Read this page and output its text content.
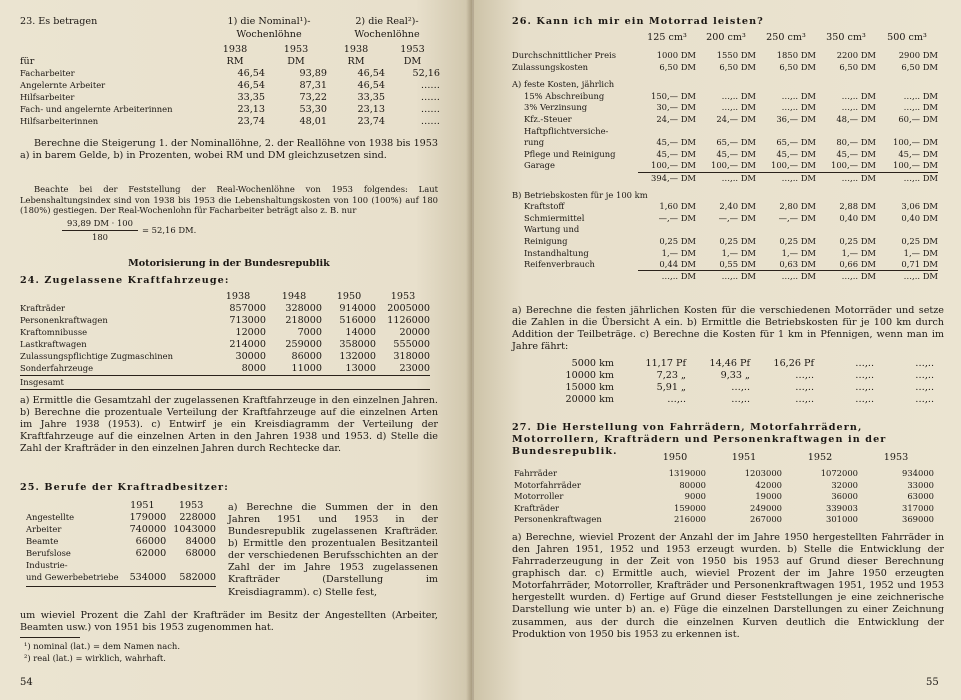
23. Es betragen	1) die Nominal¹)-
Wochenlöhne
2) die Real²)-
Wochenlöhne
	1938	1953	1938	1953
für	RM	DM	RM	DM
Facharbeiter	46,54	93,89	46,54	52,16
Angelernte Arbeiter	46,54	87,31	46,54	……
Hilfsarbeiter	33,35	73,22	33,35	……
Fach- und angelernte Arbeiterinnen	23,13	53,30	23,13	……
Hilfsarbeiterinnen	23,74	48,01	23,74	……
Berechne die Steigerung 1. der Nominallöhne, 2. der Reallöhne von 1938 bis 1953 a) in barem Gelde, b) in Prozenten, wobei RM und DM gleichzusetzen sind.
Beachte bei der Feststellung der Real-Wochenlöhne von 1953 folgendes: Laut Lebenshaltungsindex sind von 1938 bis 1953 die Lebenshaltungskosten von 100 (100%) auf 180 (180%) gestiegen. Der Real-Wochenlohn für Facharbeiter beträgt also z. B. nur
93,89 DM · 100
180
= 52,16 DM.
Motorisierung in der Bundesrepublik
24. Zugelassene Kraftfahrzeuge:
	1938	1948	1950	1953
Krafträder	857000	328000	914000	2005000
Personenkraftwagen	713000	218000	516000	1126000
Kraftomnibusse	12000	7000	14000	20000
Lastkraftwagen	214000	259000	358000	555000
Zulassungspflichtige Zugmaschinen	30000	86000	132000	318000
Sonderfahrzeuge	8000	11000	13000	23000
Insgesamt
a) Ermittle die Gesamtzahl der zugelassenen Kraftfahrzeuge in den einzelnen Jahren. b) Berechne die prozentuale Verteilung der Kraftfahrzeuge auf die einzelnen Arten im Jahre 1938 (1953). c) Entwirf je ein Kreisdiagramm der Verteilung der Kraftfahrzeuge auf die einzelnen Arten in den Jahren 1938 und 1953. d) Stelle die Zahl der Krafträder in den einzelnen Jahren durch Rechtecke dar.
25. Berufe der Kraftradbesitzer:
	1951	1953
Angestellte	179000	228000
Arbeiter	740000	1043000
Beamte	66000	84000
Berufslose	62000	68000
Industrie-		
und Gewerbebetriebe	534000	582000
a) Berechne die Summen der in den Jahren 1951 und 1953 in der Bundesrepublik zugelassenen Krafträder. b) Ermittle den prozentualen Besitzanteil der verschiedenen Berufsschichten an der Zahl der im Jahre 1953 zugelassenen Krafträder (Darstellung im Kreisdiagramm). c) Stelle fest,
um wieviel Prozent die Zahl der Krafträder im Besitz der Angestellten (Arbeiter, Beamten usw.) von 1951 bis 1953 zugenommen hat.
¹) nominal (lat.) = dem Namen nach.
²) real (lat.) = wirklich, wahrhaft.
54
26. Kann ich mir ein Motorrad leisten?
	125 cm³	200 cm³	250 cm³	350 cm³	500 cm³

Durchschnittlicher Preis	1000 DM	1550 DM	1850 DM	2200 DM	2900 DM
Zulassungskosten	6,50 DM	6,50 DM	6,50 DM	6,50 DM	6,50 DM

A) feste Kosten, jährlich					
15% Abschreibung	150,— DM	…,.. DM	…,.. DM	…,.. DM	…,.. DM
3% Verzinsung	30,— DM	…,.. DM	…,.. DM	…,.. DM	…,.. DM
Kfz.-Steuer	24,— DM	24,— DM	36,— DM	48,— DM	60,— DM
Haftpflichtversiche-					
rung	45,— DM	65,— DM	65,— DM	80,— DM	100,— DM
Pflege und Reinigung	45,— DM	45,— DM	45,— DM	45,— DM	45,— DM
Garage	100,— DM	100,— DM	100,— DM	100,— DM	100,— DM
	394,— DM	…,.. DM	…,.. DM	…,.. DM	…,.. DM

B) Betriebskosten für je 100 km					
Kraftstoff	1,60 DM	2,40 DM	2,80 DM	2,88 DM	3,06 DM
Schmiermittel	—,— DM	—,— DM	—,— DM	0,40 DM	0,40 DM
Wartung und					
Reinigung	0,25 DM	0,25 DM	0,25 DM	0,25 DM	0,25 DM
Instandhaltung	1,— DM	1,— DM	1,— DM	1,— DM	1,— DM
Reifenverbrauch	0,44 DM	0,55 DM	0,63 DM	0,66 DM	0,71 DM
	…,.. DM	…,.. DM	…,.. DM	…,.. DM	…,.. DM
a) Berechne die festen jährlichen Kosten für die verschiedenen Motorräder und setze die Zahlen in die Übersicht A ein. b) Ermittle die Betriebskosten für je 100 km durch Addition der Teilbeträge. c) Berechne die Kosten für 1 km in Pfennigen, wenn man im Jahre fährt:
5000 km	11,17 Pf	14,46 Pf	16,26 Pf	…,..	…,..
10000 km	7,23 „	9,33 „	…,..	…,..	…,..
15000 km	5,91 „	…,..	…,..	…,..	…,..
20000 km	…,..	…,..	…,..	…,..	…,..
27. Die Herstellung von Fahrrädern, Motorfahrrädern, Motorrollern, Krafträdern und Personenkraftwagen in der Bundesrepublik.
	1950	1951	1952	1953

Fahrräder	1319000	1203000	1072000	934000
Motorfahrräder	80000	42000	32000	33000
Motorroller	9000	19000	36000	63000
Krafträder	159000	249000	339003	317000
Personenkraftwagen	216000	267000	301000	369000
a) Berechne, wieviel Prozent der Anzahl der im Jahre 1950 hergestellten Fahrräder in den Jahren 1951, 1952 und 1953 erzeugt wurden. b) Stelle die Entwicklung der Fahrraderzeugung in der Zeit von 1950 bis 1953 auf Grund dieser Berechnung graphisch dar. c) Ermittle auch, wieviel Prozent der im Jahre 1950 erzeugten Motorfahrräder, Motorroller, Krafträder und Personenkraftwagen 1951, 1952 und 1953 hergestellt wurden. d) Fertige auf Grund dieser Feststellungen je eine zeichnerische Darstellung wie unter b) an. e) Füge die einzelnen Darstellungen zu einer Zeichnung zusammen, aus der durch die einzelnen Kurven deutlich die Entwicklung der Produktion von 1950 bis 1953 zu erkennen ist.
55
